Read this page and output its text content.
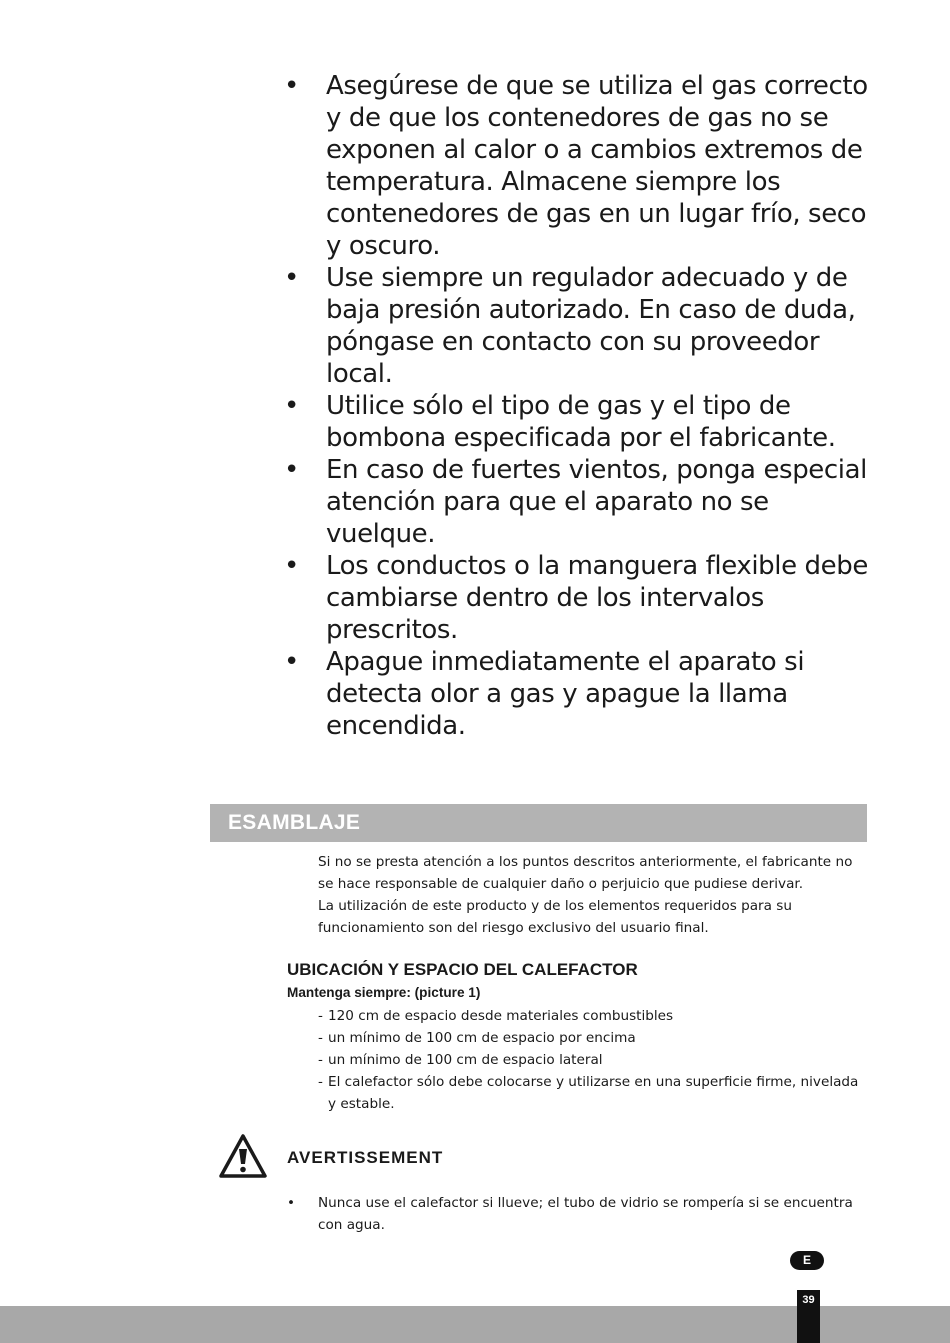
• Asegúrese de que se utiliza el gas correcto y de que los contenedores de gas no se exponen al calor o a cambios extremos de temperatura. Almacene siempre los contenedores de gas en un lugar frío, seco y oscuro.
• Use siempre un regulador adecuado y de baja presión autorizado. En caso de duda, póngase en contacto con su proveedor local.
• Utilice sólo el tipo de gas y el tipo de bombona especificada por el fabricante.
• En caso de fuertes vientos, ponga especial atención para que el aparato no se vuelque.
• Los conductos o la manguera flexible debe cambiarse dentro de los intervalos prescritos.
• Apague inmediatamente el aparato si detecta olor a gas y apague la llama encendida.
ESAMBLAJE

Si no se presta atención a los puntos descritos anteriormente, el fabricante no se hace responsable de cualquier daño o perjuicio que pudiese derivar.

La utilización de este producto y de los elementos requeridos para su funcionamiento son del riesgo exclusivo del usuario final.

UBICACIÓN Y ESPACIO DEL CALEFACTOR
Mantenga siempre: (picture 1)
- 120 cm de espacio desde materiales combustibles
- un mínimo de 100 cm de espacio por encima
- un mínimo de 100 cm de espacio lateral
- El calefactor sólo debe colocarse y utilizarse en una superficie firme, nivelada y estable.
AVERTISSEMENT
• Nunca use el calefactor si llueve; el tubo de vidrio se rompería si se encuentra con agua.
E
39
